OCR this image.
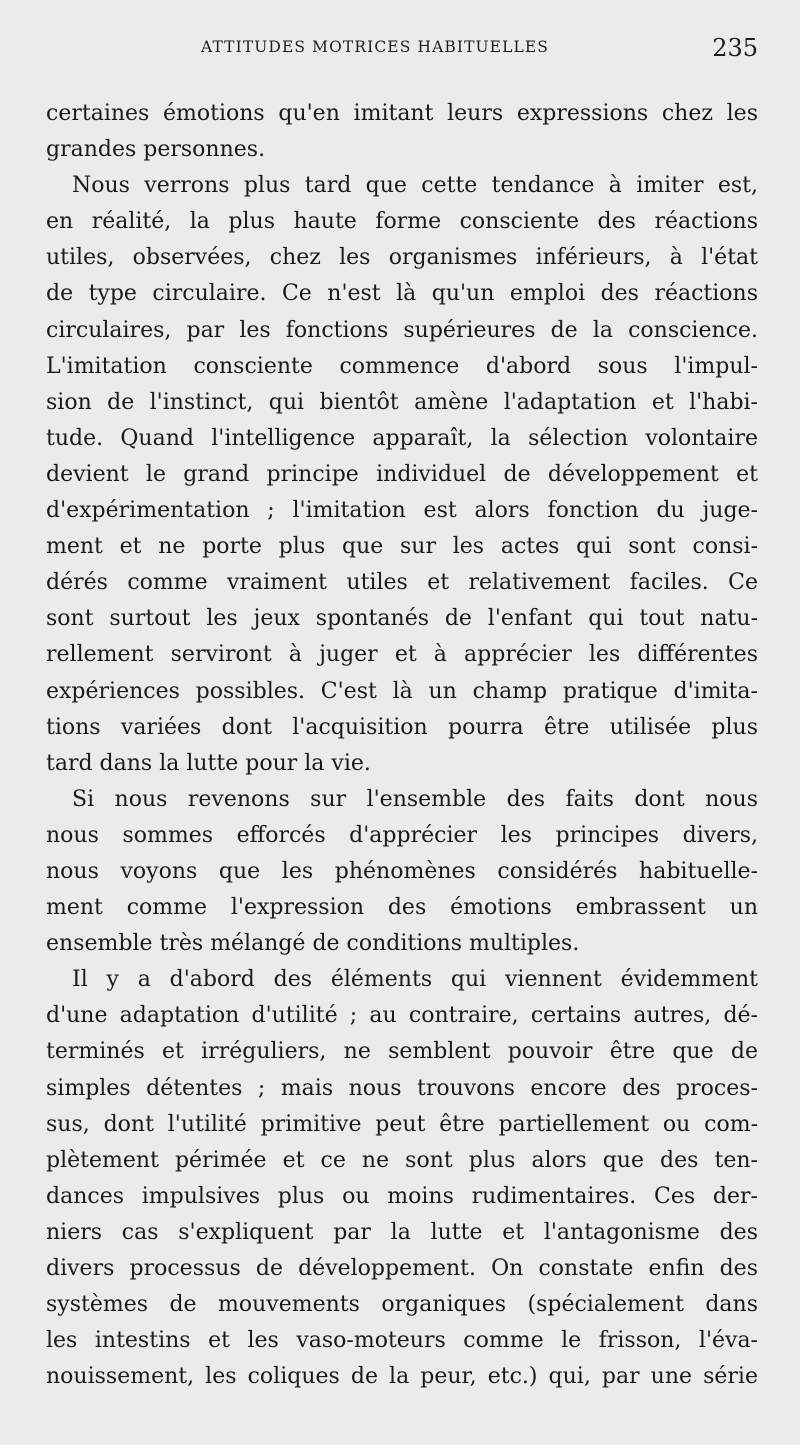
ATTITUDES MOTRICES HABITUELLES	235
certaines émotions qu'en imitant leurs expressions chez les
grandes personnes.
Nous verrons plus tard que cette tendance à imiter est,
en réalité, la plus haute forme consciente des réactions
utiles, observées, chez les organismes inférieurs, à l'état
de type circulaire. Ce n'est là qu'un emploi des réactions
circulaires, par les fonctions supérieures de la conscience.
L'imitation consciente commence d'abord sous l'impul-
sion de l'instinct, qui bientôt amène l'adaptation et l'habi-
tude. Quand l'intelligence apparaît, la sélection volontaire
devient le grand principe individuel de développement et
d'expérimentation ; l'imitation est alors fonction du juge-
ment et ne porte plus que sur les actes qui sont consi-
dérés comme vraiment utiles et relativement faciles. Ce
sont surtout les jeux spontanés de l'enfant qui tout natu-
rellement serviront à juger et à apprécier les différentes
expériences possibles. C'est là un champ pratique d'imita-
tions variées dont l'acquisition pourra être utilisée plus
tard dans la lutte pour la vie.
Si nous revenons sur l'ensemble des faits dont nous
nous sommes efforcés d'apprécier les principes divers,
nous voyons que les phénomènes considérés habituelle-
ment comme l'expression des émotions embrassent un
ensemble très mélangé de conditions multiples.
Il y a d'abord des éléments qui viennent évidemment
d'une adaptation d'utilité ; au contraire, certains autres, dé-
terminés et irréguliers, ne semblent pouvoir être que de
simples détentes ; mais nous trouvons encore des proces-
sus, dont l'utilité primitive peut être partiellement ou com-
plètement périmée et ce ne sont plus alors que des ten-
dances impulsives plus ou moins rudimentaires. Ces der-
niers cas s'expliquent par la lutte et l'antagonisme des
divers processus de développement. On constate enfin des
systèmes de mouvements organiques (spécialement dans
les intestins et les vaso-moteurs comme le frisson, l'éva-
nouissement, les coliques de la peur, etc.) qui, par une série
